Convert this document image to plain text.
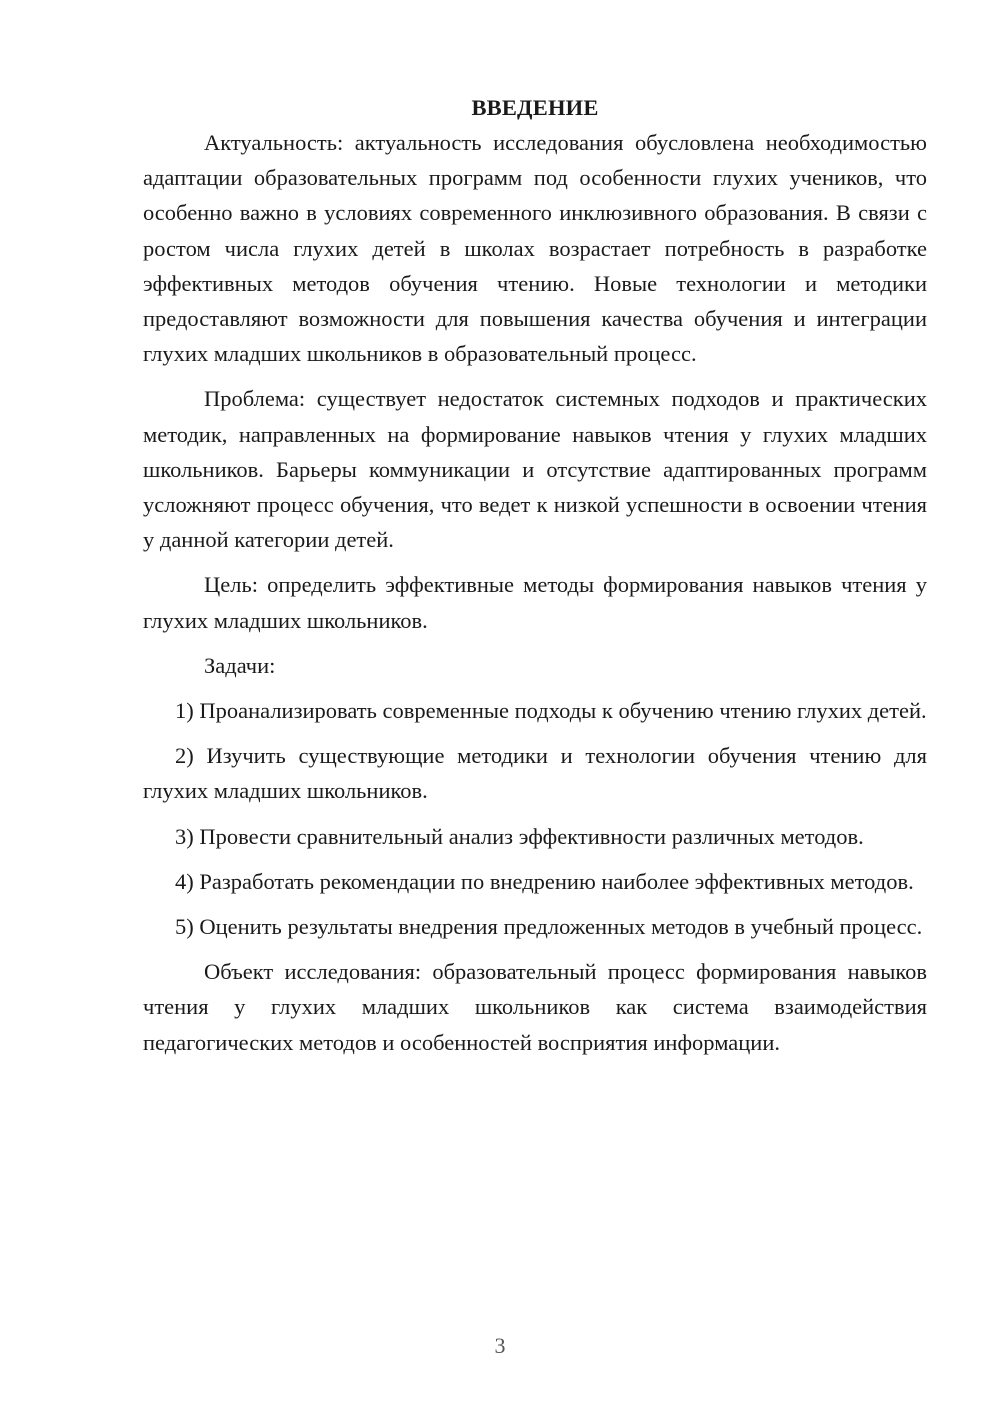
ВВЕДЕНИЕ

Актуальность: актуальность исследования обусловлена необходимостью адаптации образовательных программ под особенности глухих учеников, что особенно важно в условиях современного инклюзивного образования. В связи с ростом числа глухих детей в школах возрастает потребность в разработке эффективных методов обучения чтению. Новые технологии и методики предоставляют возможности для повышения качества обучения и интеграции глухих младших школьников в образовательный процесс.

Проблема: существует недостаток системных подходов и практических методик, направленных на формирование навыков чтения у глухих младших школьников. Барьеры коммуникации и отсутствие адаптированных программ усложняют процесс обучения, что ведет к низкой успешности в освоении чтения у данной категории детей.

Цель: определить эффективные методы формирования навыков чтения у глухих младших школьников.

Задачи:

1) Проанализировать современные подходы к обучению чтению глухих детей.

2) Изучить существующие методики и технологии обучения чтению для глухих младших школьников.

3) Провести сравнительный анализ эффективности различных методов.

4) Разработать рекомендации по внедрению наиболее эффективных методов.

5) Оценить результаты внедрения предложенных методов в учебный процесс.

Объект исследования: образовательный процесс формирования навыков чтения у глухих младших школьников как система взаимодействия педагогических методов и особенностей восприятия информации.

3
